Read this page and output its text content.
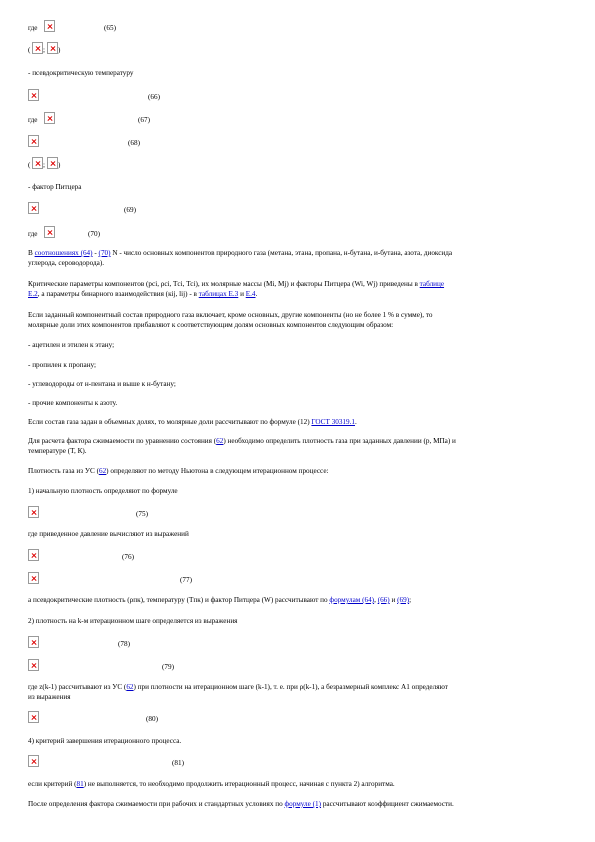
где	(65)
( ; )
- псевдокритическую температуру
(66)
где	(67)
(68)
( ; )
- фактор Питцера
(69)
где	(70)
В соотношениях (64) - (70) N - число основных компонентов природного газа (метана, этана, пропана, н-бутана, и-бутана, азота, диоксида
углерода, сероводорода).
Критические параметры компонентов (рсi, ρсi, Tсi, Тсi), их молярные массы (Mi, Мj) и факторы Питцера (Wi, Wj) приведены в таблице
Е.2, а параметры бинарного взаимодействия (кij, lij) - в таблицах Е.3 и Е.4.
Если заданный компонентный состав природного газа включает, кроме основных, другие компоненты (но не более 1 % в сумме), то
молярные доли этих компонентов прибавляют к соответствующим долям основных компонентов следующим образом:
- ацетилен и этилен к этану;
- пропилен к пропану;
- углеводороды от н-пентана и выше к н-бутану;
- прочие компоненты к азоту.
Если состав газа задан в объемных долях, то молярные доли рассчитывают по формуле (12) ГОСТ 30319.1.
Для расчета фактора сжимаемости по уравнению состояния (62) необходимо определить плотность газа при заданных давлении (p, МПа) и
температуре (T, К).
Плотность газа из УС (62) определяют по методу Ньютона в следующем итерационном процессе:
1) начальную плотность определяют по формуле
(75)
где приведенное давление вычисляют из выражений
(76)
(77)
а псевдокритические плотность (ρпк), температуру (Tпк) и фактор Питцера (W) рассчитывают по формулам (64), (66) и (69);
2) плотность на k-м итерационном шаге определяется из выражения
(78)
(79)
где z(k-1) рассчитывают из УС (62) при плотности на итерационном шаге (k-1), т. е. при ρ(k-1), а безразмерный комплекс A1 определяют
из выражения
(80)
4) критерий завершения итерационного процесса.
(81)
если критерий (81) не выполняется, то необходимо продолжить итерационный процесс, начиная с пункта 2) алгоритма.
После определения фактора сжимаемости при рабочих и стандартных условиях по формуле (1) рассчитывают коэффициент сжимаемости.
